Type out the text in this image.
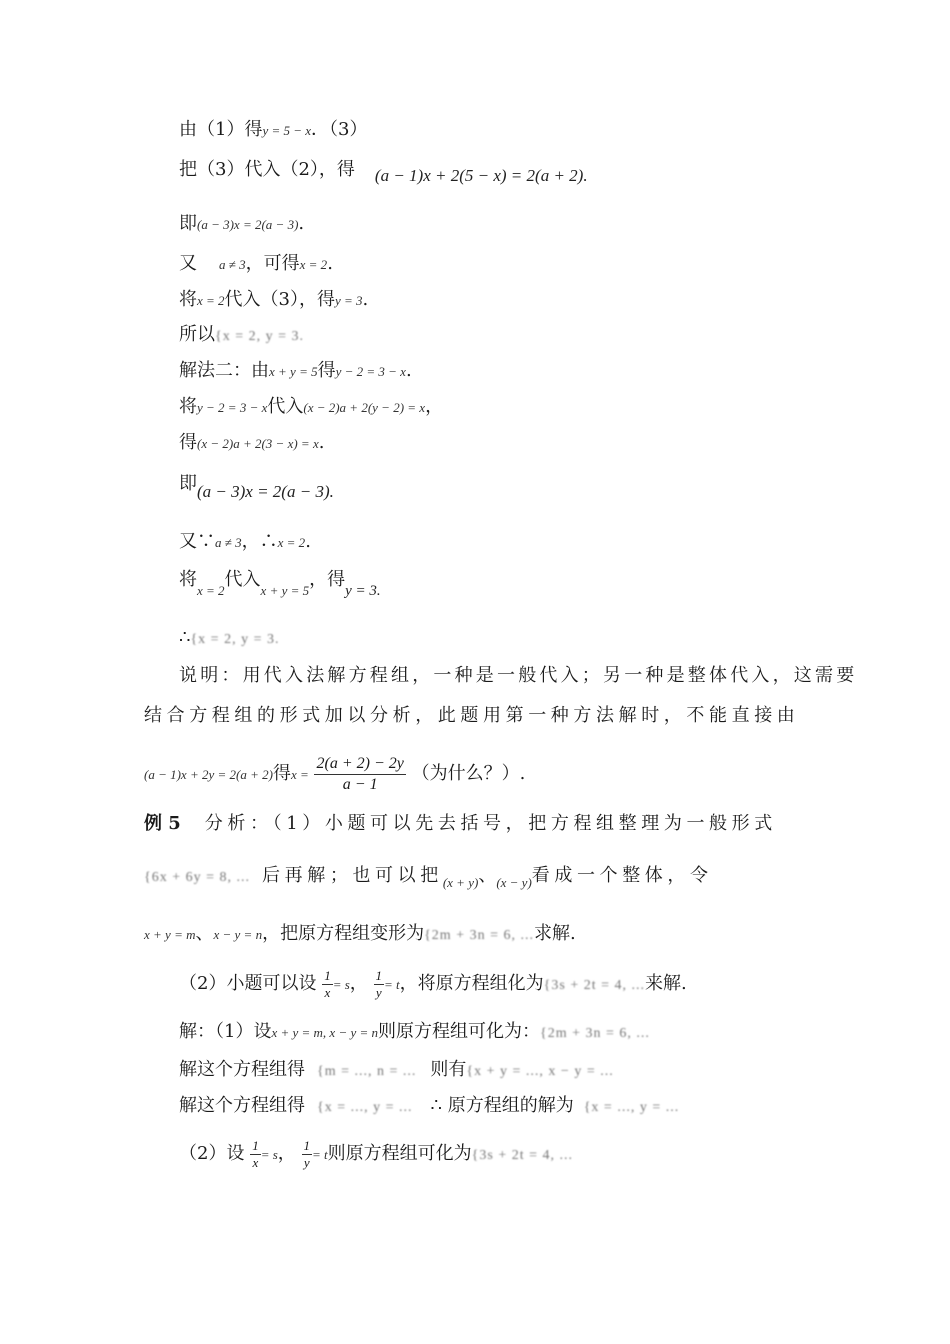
由（1）得y = 5 − x．（3）
把（3）代入（2），得 (a − 1)x + 2(5 − x) = 2(a + 2).
即(a − 3)x = 2(a − 3).
又 a ≠ 3，可得x = 2.
将x = 2代入（3），得y = 3.
所以{x = 2, y = 3.
解法二：由x + y = 5得y − 2 = 3 − x.
将y − 2 = 3 − x代入(x − 2)a + 2(y − 2) = x，
得(x − 2)a + 2(3 − x) = x.
即(a − 3)x = 2(a − 3).
又∵a ≠ 3，∴x = 2.
将$_{x = 2}$代入$_{x + y = 5}$，得$_{y = 3.}$
∴{x = 2, y = 3.
说明：用代入法解方程组，一种是一般代入；另一种是整体代入，这需要
结合方程组的形式加以分析，此题用第一种方法解时，不能直接由
(a − 1)x + 2y = 2(a + 2)得$x = \frac{2(a + 2) - 2y}{a - 1}$ （为什么？）.
例 5 分析：（1）小题可以先去括号，把方程组整理为一般形式
{6x + 6y = 8, ... 后再解；也可以把$_{(x + y)}$、$_{(x - y)}$看成一个整体，令
x + y = m、x − y = n，把原方程组变形为{2m + 3n = 6, ...求解.
（2）小题可以设 $\frac{1}{x} = s$， $\frac{1}{y} = t$，将原方程组化为{3s + 2t = 4, ...来解.
解：（1）设x + y = m, x − y = n则原方程组可化为：{2m + 3n = 6, ...
解这个方程组得 {m = ..., n = ... 则有{x + y = ..., x − y = ...
解这个方程组得 {x = ..., y = ... ∴ 原方程组的解为 {x = ..., y = ...
（2）设 $\frac{1}{x} = s$， $\frac{1}{y} = t$则原方程组可化为{3s + 2t = 4, ...
